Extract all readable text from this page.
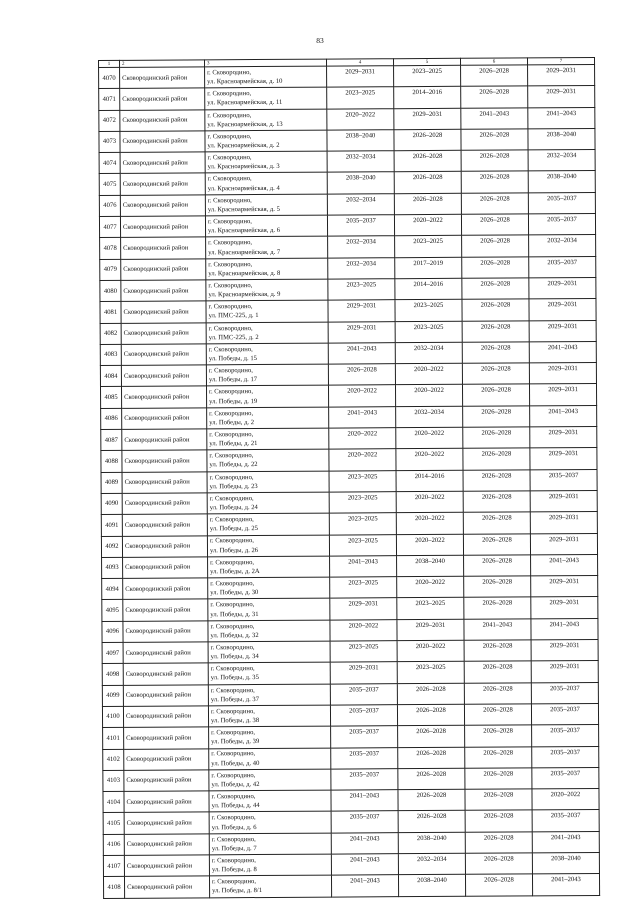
83
1	2	3	4	5	6	7
4070	Сковородинский район	г. Сковородино,
ул. Красноармейская, д. 10	2029–2031	2023–2025	2026–2028	2029–2031
4071	Сковородинский район	г. Сковородино,
ул. Красноармейская, д. 11	2023–2025	2014–2016	2026–2028	2029–2031
4072	Сковородинский район	г. Сковородино,
ул. Красноармейская, д. 13	2020–2022	2029–2031	2041–2043	2041–2043
4073	Сковородинский район	г. Сковородино,
ул. Красноармейская, д. 2	2038–2040	2026–2028	2026–2028	2038–2040
4074	Сковородинский район	г. Сковородино,
ул. Красноармейская, д. 3	2032–2034	2026–2028	2026–2028	2032–2034
4075	Сковородинский район	г. Сковородино,
ул. Красноармейская, д. 4	2038–2040	2026–2028	2026–2028	2038–2040
4076	Сковородинский район	г. Сковородино,
ул. Красноармейская, д. 5	2032–2034	2026–2028	2026–2028	2035–2037
4077	Сковородинский район	г. Сковородино,
ул. Красноармейская, д. 6	2035–2037	2020–2022	2026–2028	2035–2037
4078	Сковородинский район	г. Сковородино,
ул. Красноармейская, д. 7	2032–2034	2023–2025	2026–2028	2032–2034
4079	Сковородинский район	г. Сковородино,
ул. Красноармейская, д. 8	2032–2034	2017–2019	2026–2028	2035–2037
4080	Сковородинский район	г. Сковородино,
ул. Красноармейская, д. 9	2023–2025	2014–2016	2026–2028	2029–2031
4081	Сковородинский район	г. Сковородино,
ул. ПМС-225, д. 1	2029–2031	2023–2025	2026–2028	2029–2031
4082	Сковородинский район	г. Сковородино,
ул. ПМС-225, д. 2	2029–2031	2023–2025	2026–2028	2029–2031
4083	Сковородинский район	г. Сковородино,
ул. Победы, д. 15	2041–2043	2032–2034	2026–2028	2041–2043
4084	Сковородинский район	г. Сковородино,
ул. Победы, д. 17	2026–2028	2020–2022	2026–2028	2029–2031
4085	Сковородинский район	г. Сковородино,
ул. Победы, д. 19	2020–2022	2020–2022	2026–2028	2029–2031
4086	Сковородинский район	г. Сковородино,
ул. Победы, д. 2	2041–2043	2032–2034	2026–2028	2041–2043
4087	Сковородинский район	г. Сковородино,
ул. Победы, д. 21	2020–2022	2020–2022	2026–2028	2029–2031
4088	Сковородинский район	г. Сковородино,
ул. Победы, д. 22	2020–2022	2020–2022	2026–2028	2029–2031
4089	Сковородинский район	г. Сковородино,
ул. Победы, д. 23	2023–2025	2014–2016	2026–2028	2035–2037
4090	Сковородинский район	г. Сковородино,
ул. Победы, д. 24	2023–2025	2020–2022	2026–2028	2029–2031
4091	Сковородинский район	г. Сковородино,
ул. Победы, д. 25	2023–2025	2020–2022	2026–2028	2029–2031
4092	Сковородинский район	г. Сковородино,
ул. Победы, д. 26	2023–2025	2020–2022	2026–2028	2029–2031
4093	Сковородинский район	г. Сковородино,
ул. Победы, д. 2А	2041–2043	2038–2040	2026–2028	2041–2043
4094	Сковородинский район	г. Сковородино,
ул. Победы, д. 30	2023–2025	2020–2022	2026–2028	2029–2031
4095	Сковородинский район	г. Сковородино,
ул. Победы, д. 31	2029–2031	2023–2025	2026–2028	2029–2031
4096	Сковородинский район	г. Сковородино,
ул. Победы, д. 32	2020–2022	2029–2031	2041–2043	2041–2043
4097	Сковородинский район	г. Сковородино,
ул. Победы, д. 34	2023–2025	2020–2022	2026–2028	2029–2031
4098	Сковородинский район	г. Сковородино,
ул. Победы, д. 35	2029–2031	2023–2025	2026–2028	2029–2031
4099	Сковородинский район	г. Сковородино,
ул. Победы, д. 37	2035–2037	2026–2028	2026–2028	2035–2037
4100	Сковородинский район	г. Сковородино,
ул. Победы, д. 38	2035–2037	2026–2028	2026–2028	2035–2037
4101	Сковородинский район	г. Сковородино,
ул. Победы, д. 39	2035–2037	2026–2028	2026–2028	2035–2037
4102	Сковородинский район	г. Сковородино,
ул. Победы, д. 40	2035–2037	2026–2028	2026–2028	2035–2037
4103	Сковородинский район	г. Сковородино,
ул. Победы, д. 42	2035–2037	2026–2028	2026–2028	2035–2037
4104	Сковородинский район	г. Сковородино,
ул. Победы, д. 44	2041–2043	2026–2028	2026–2028	2020–2022
4105	Сковородинский район	г. Сковородино,
ул. Победы, д. 6	2035–2037	2026–2028	2026–2028	2035–2037
4106	Сковородинский район	г. Сковородино,
ул. Победы, д. 7	2041–2043	2038–2040	2026–2028	2041–2043
4107	Сковородинский район	г. Сковородино,
ул. Победы, д. 8	2041–2043	2032–2034	2026–2028	2038–2040
4108	Сковородинский район	г. Сковородино,
ул. Победы, д. 8/1	2041–2043	2038–2040	2026–2028	2041–2043
